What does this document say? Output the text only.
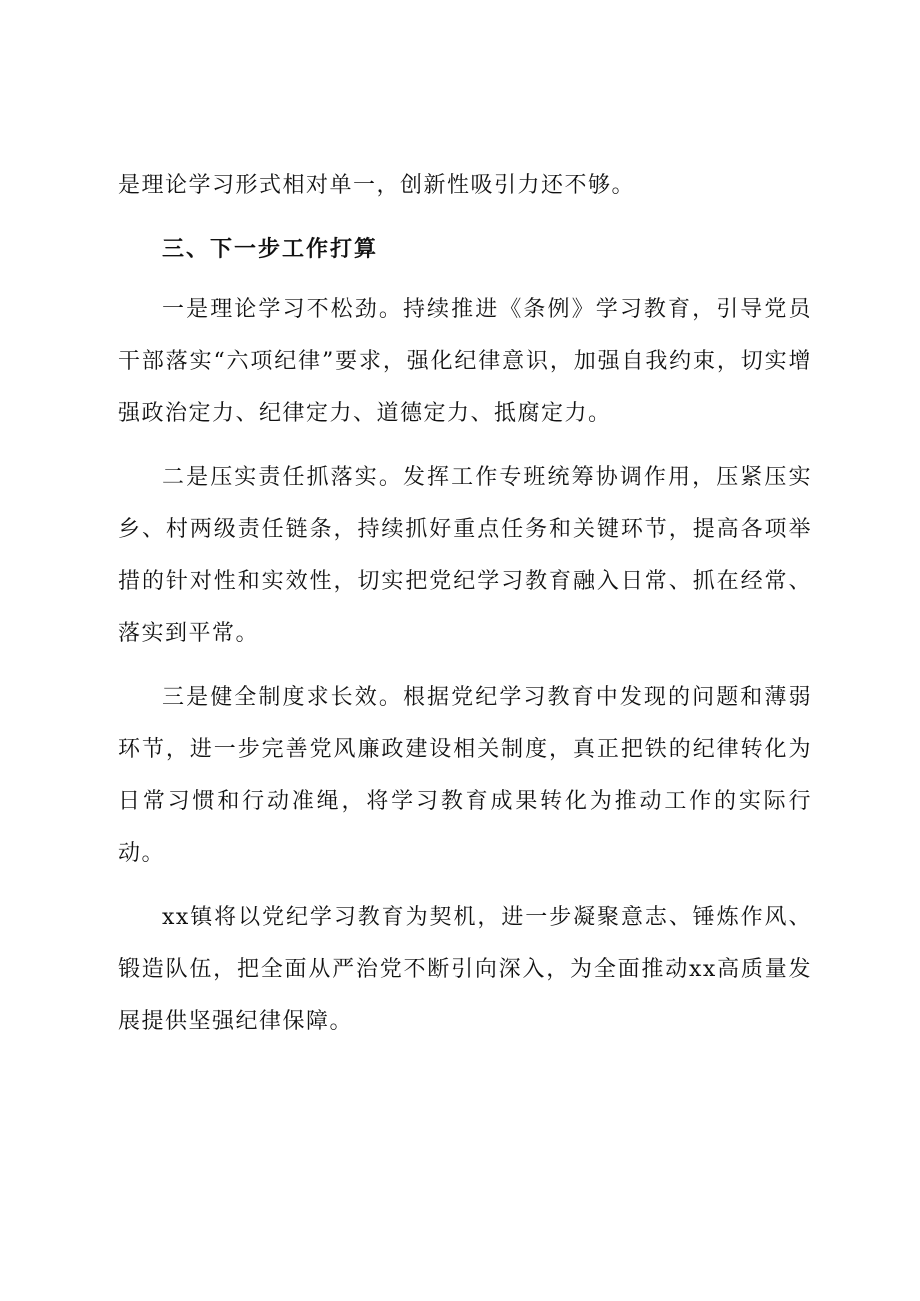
是理论学习形式相对单一，创新性吸引力还不够。

三、下一步工作打算

一是理论学习不松劲。持续推进《条例》学习教育，引导党员干部落实“六项纪律”要求，强化纪律意识，加强自我约束，切实增强政治定力、纪律定力、道德定力、抵腐定力。

二是压实责任抓落实。发挥工作专班统筹协调作用，压紧压实乡、村两级责任链条，持续抓好重点任务和关键环节，提高各项举措的针对性和实效性，切实把党纪学习教育融入日常、抓在经常、落实到平常。

三是健全制度求长效。根据党纪学习教育中发现的问题和薄弱环节，进一步完善党风廉政建设相关制度，真正把铁的纪律转化为日常习惯和行动准绳，将学习教育成果转化为推动工作的实际行动。

xx镇将以党纪学习教育为契机，进一步凝聚意志、锤炼作风、锻造队伍，把全面从严治党不断引向深入，为全面推动xx高质量发展提供坚强纪律保障。
